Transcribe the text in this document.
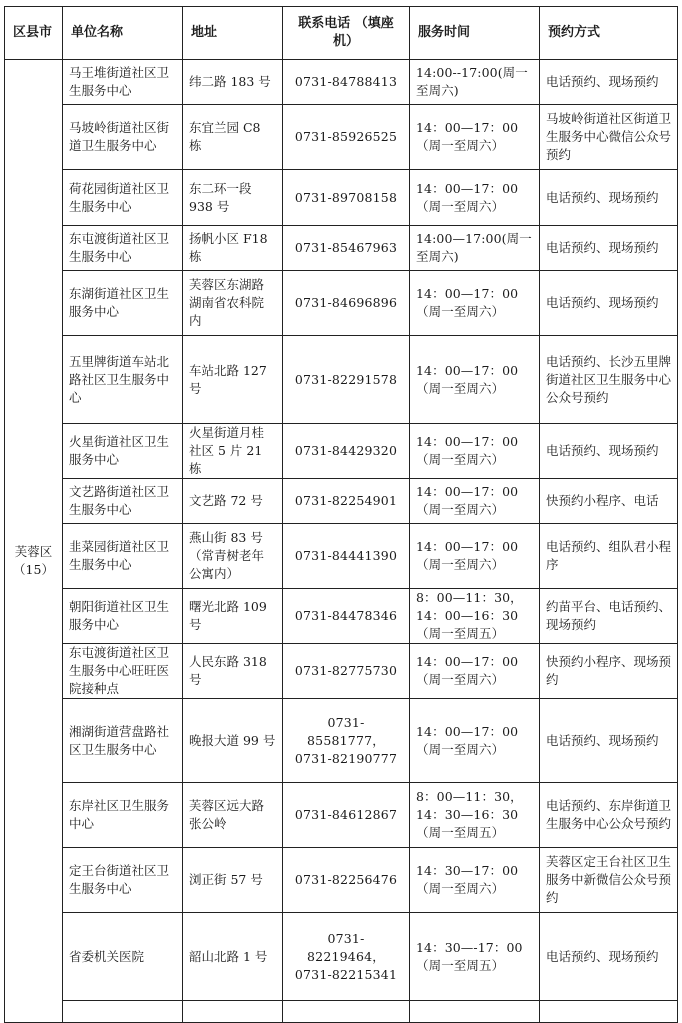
区县市	单位名称	地址	联系电话 （填座机）	服务时间	预约方式

芙蓉区
（15）	马王堆街道社区卫生服务中心	纬二路 183 号	0731-84788413	14:00--17:00(周一至周六)	电话预约、现场预约
	马坡岭街道社区街道卫生服务中心	东宜兰园 C8 栋	0731-85926525	14：00—17：00（周一至周六）	马坡岭街道社区街道卫生服务中心微信公众号预约
	荷花园街道社区卫生服务中心	东二环一段 938 号	0731-89708158	14：00—17：00（周一至周六）	电话预约、现场预约
	东屯渡街道社区卫生服务中心	扬帆小区 F18 栋	0731-85467963	14:00—17:00(周一至周六)	电话预约、现场预约
	东湖街道社区卫生服务中心	芙蓉区东湖路湖南省农科院内	0731-84696896	14：00—17：00（周一至周六）	电话预约、现场预约
	五里牌街道车站北路社区卫生服务中心	车站北路 127 号	0731-82291578	14：00—17：00（周一至周六）	电话预约、长沙五里牌街道社区卫生服务中心公众号预约
	火星街道社区卫生服务中心	火星街道月桂社区 5 片 21 栋	0731-84429320	14：00—17：00（周一至周六）	电话预约、现场预约
	文艺路街道社区卫生服务中心	文艺路 72 号	0731-82254901	14：00—17：00（周一至周六）	快预约小程序、电话
	韭菜园街道社区卫生服务中心	燕山街 83 号（常青树老年公寓内）	0731-84441390	14：00—17：00（周一至周六）	电话预约、组队君小程序
	朝阳街道社区卫生服务中心	曙光北路 109 号	0731-84478346	8：00—11：30，14：00—16：30（周一至周五）	约苗平台、电话预约、现场预约
	东屯渡街道社区卫生服务中心旺旺医院接种点	人民东路 318 号	0731-82775730	14：00—17：00（周一至周六）	快预约小程序、现场预约
	湘湖街道营盘路社区卫生服务中心	晚报大道 99 号	0731-85581777，0731-82190777	14：00—17：00（周一至周六）	电话预约、现场预约
	东岸社区卫生服务中心	芙蓉区远大路张公岭	0731-84612867	8：00—11：30，14：30—16：30（周一至周五）	电话预约、东岸街道卫生服务中心公众号预约
	定王台街道社区卫生服务中心	浏正街 57 号	0731-82256476	14：30—17：00（周一至周六）	芙蓉区定王台社区卫生服务中新微信公众号预约
	省委机关医院	韶山北路 1 号	0731-82219464，0731-82215341	14：30—-17：00（周一至周五）	电话预约、现场预约
